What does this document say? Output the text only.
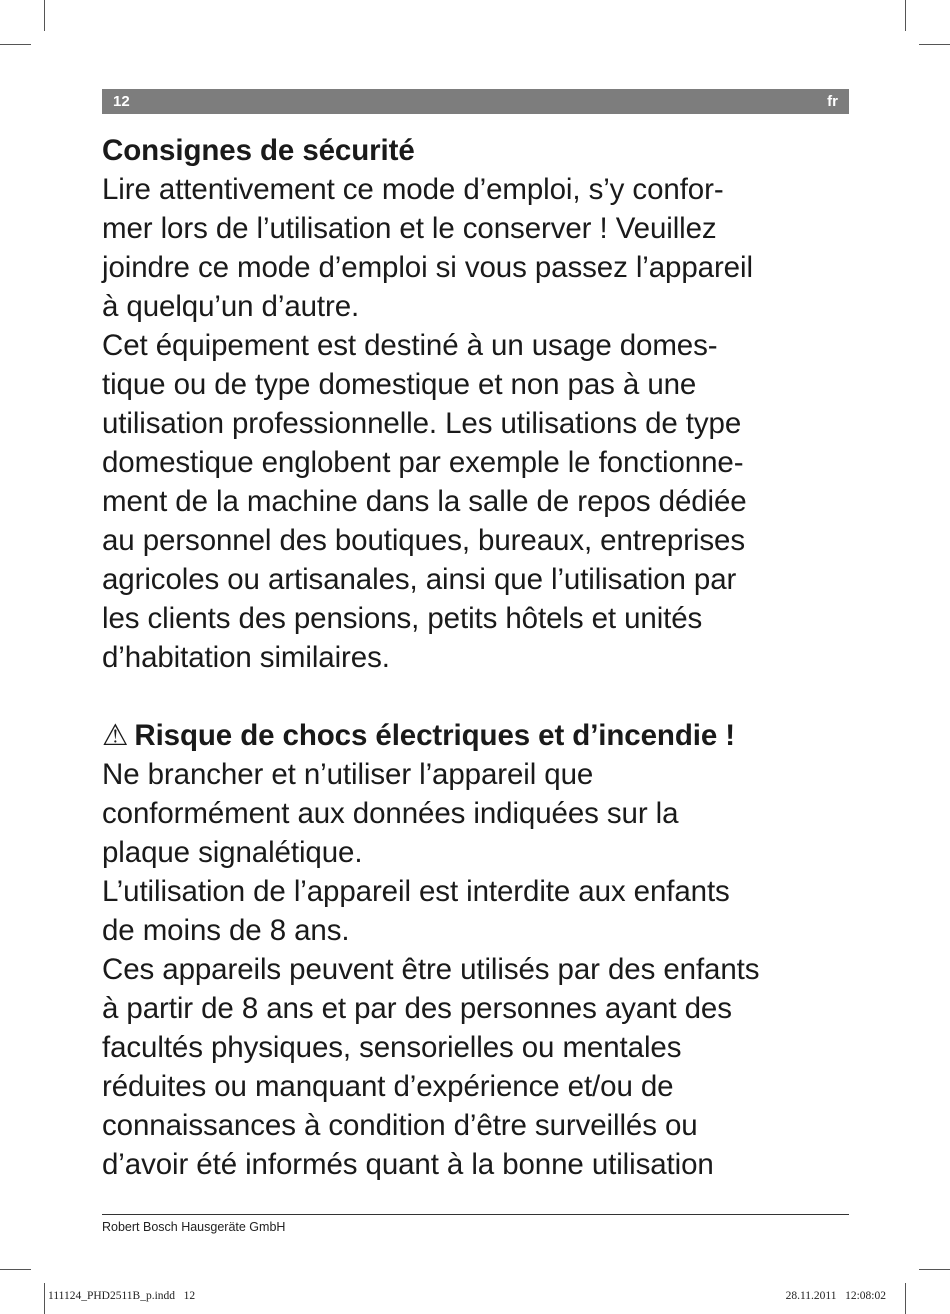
12	fr

Consignes de sécurité

Lire attentivement ce mode d’emploi, s’y confor-
mer lors de l’utilisation et le conserver ! Veuillez
joindre ce mode d’emploi si vous passez l’appareil
à quelqu’un d’autre.

Cet équipement est destiné à un usage domes-
tique ou de type domestique et non pas à une
utilisation professionnelle. Les utilisations de type
domestique englobent par exemple le fonctionne-
ment de la machine dans la salle de repos dédiée
au personnel des boutiques, bureaux, entreprises
agricoles ou artisanales, ainsi que l’utilisation par
les clients des pensions, petits hôtels et unités
d’habitation similaires.

⚠ Risque de chocs électriques et d’incendie !

Ne brancher et n’utiliser l’appareil que
conformément aux données indiquées sur la
plaque signalétique.

L’utilisation de l’appareil est interdite aux enfants
de moins de 8 ans.

Ces appareils peuvent être utilisés par des enfants
à partir de 8 ans et par des personnes ayant des
facultés physiques, sensorielles ou mentales
réduites ou manquant d’expérience et/ou de
connaissances à condition d’être surveillés ou
d’avoir été informés quant à la bonne utilisation

Robert Bosch Hausgeräte GmbH
111124_PHD2511B_p.indd   12	28.11.2011   12:08:02
